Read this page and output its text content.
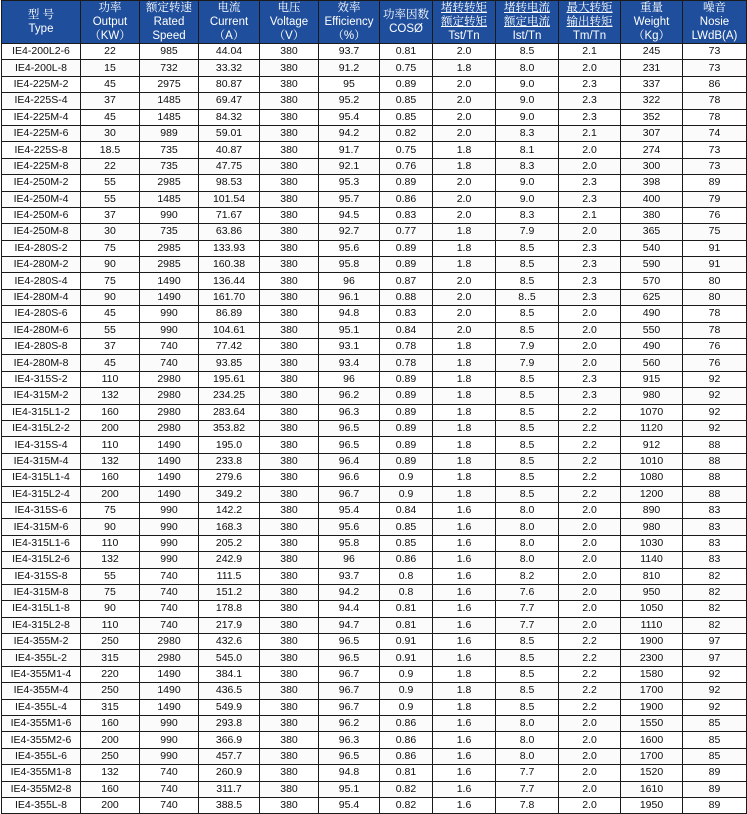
型 号
Type	功率
Output
（KW）	额定转速
Rated
Speed	电流
Current
（A）	电压
Voltage
（V）	效率
Efficiency
（%）	功率因数
COSØ	堵转转矩
额定转矩
Tst/Tn	堵转电流
额定电流
Ist/Tn	最大转矩
输出转矩
Tm/Tn	重量
Weight
（Kg）	噪音
Nosie
LWdB(A)

IE4-200L2-6	22	985	44.04	380	93.7	0.81	2.0	8.5	2.1	245	73
IE4-200L-8	15	732	33.32	380	91.2	0.75	1.8	8.0	2.0	231	73
IE4-225M-2	45	2975	80.87	380	95	0.89	2.0	9.0	2.3	337	86
IE4-225S-4	37	1485	69.47	380	95.2	0.85	2.0	9.0	2.3	322	78
IE4-225M-4	45	1485	84.32	380	95.4	0.85	2.0	9.0	2.3	352	78
IE4-225M-6	30	989	59.01	380	94.2	0.82	2.0	8.3	2.1	307	74
IE4-225S-8	18.5	735	40.87	380	91.7	0.75	1.8	8.1	2.0	274	73
IE4-225M-8	22	735	47.75	380	92.1	0.76	1.8	8.3	2.0	300	73
IE4-250M-2	55	2985	98.53	380	95.3	0.89	2.0	9.0	2.3	398	89
IE4-250M-4	55	1485	101.54	380	95.7	0.86	2.0	9.0	2.3	400	79
IE4-250M-6	37	990	71.67	380	94.5	0.83	2.0	8.3	2.1	380	76
IE4-250M-8	30	735	63.86	380	92.7	0.77	1.8	7.9	2.0	365	75
IE4-280S-2	75	2985	133.93	380	95.6	0.89	1.8	8.5	2.3	540	91
IE4-280M-2	90	2985	160.38	380	95.8	0.89	1.8	8.5	2.3	590	91
IE4-280S-4	75	1490	136.44	380	96	0.87	2.0	8.5	2.3	570	80
IE4-280M-4	90	1490	161.70	380	96.1	0.88	2.0	8..5	2.3	625	80
IE4-280S-6	45	990	86.89	380	94.8	0.83	2.0	8.5	2.0	490	78
IE4-280M-6	55	990	104.61	380	95.1	0.84	2.0	8.5	2.0	550	78
IE4-280S-8	37	740	77.42	380	93.1	0.78	1.8	7.9	2.0	490	76
IE4-280M-8	45	740	93.85	380	93.4	0.78	1.8	7.9	2.0	560	76
IE4-315S-2	110	2980	195.61	380	96	0.89	1.8	8.5	2.3	915	92
IE4-315M-2	132	2980	234.25	380	96.2	0.89	1.8	8.5	2.3	980	92
IE4-315L1-2	160	2980	283.64	380	96.3	0.89	1.8	8.5	2.2	1070	92
IE4-315L2-2	200	2980	353.82	380	96.5	0.89	1.8	8.5	2.2	1120	92
IE4-315S-4	110	1490	195.0	380	96.5	0.89	1.8	8.5	2.2	912	88
IE4-315M-4	132	1490	233.8	380	96.4	0.89	1.8	8.5	2.2	1010	88
IE4-315L1-4	160	1490	279.6	380	96.6	0.9	1.8	8.5	2.2	1080	88
IE4-315L2-4	200	1490	349.2	380	96.7	0.9	1.8	8.5	2.2	1200	88
IE4-315S-6	75	990	142.2	380	95.4	0.84	1.6	8.0	2.0	890	83
IE4-315M-6	90	990	168.3	380	95.6	0.85	1.6	8.0	2.0	980	83
IE4-315L1-6	110	990	205.2	380	95.8	0.85	1.6	8.0	2.0	1030	83
IE4-315L2-6	132	990	242.9	380	96	0.86	1.6	8.0	2.0	1140	83
IE4-315S-8	55	740	111.5	380	93.7	0.8	1.6	8.2	2.0	810	82
IE4-315M-8	75	740	151.2	380	94.2	0.8	1.6	7.6	2.0	950	82
IE4-315L1-8	90	740	178.8	380	94.4	0.81	1.6	7.7	2.0	1050	82
IE4-315L2-8	110	740	217.9	380	94.7	0.81	1.6	7.7	2.0	1110	82
IE4-355M-2	250	2980	432.6	380	96.5	0.91	1.6	8.5	2.2	1900	97
IE4-355L-2	315	2980	545.0	380	96.5	0.91	1.6	8.5	2.2	2300	97
IE4-355M1-4	220	1490	384.1	380	96.7	0.9	1.8	8.5	2.2	1580	92
IE4-355M-4	250	1490	436.5	380	96.7	0.9	1.8	8.5	2.2	1700	92
IE4-355L-4	315	1490	549.9	380	96.7	0.9	1.8	8.5	2.2	1900	92
IE4-355M1-6	160	990	293.8	380	96.2	0.86	1.6	8.0	2.0	1550	85
IE4-355M2-6	200	990	366.9	380	96.3	0.86	1.6	8.0	2.0	1600	85
IE4-355L-6	250	990	457.7	380	96.5	0.86	1.6	8.0	2.0	1700	85
IE4-355M1-8	132	740	260.9	380	94.8	0.81	1.6	7.7	2.0	1520	89
IE4-355M2-8	160	740	311.7	380	95.1	0.82	1.6	7.7	2.0	1610	89
IE4-355L-8	200	740	388.5	380	95.4	0.82	1.6	7.8	2.0	1950	89
